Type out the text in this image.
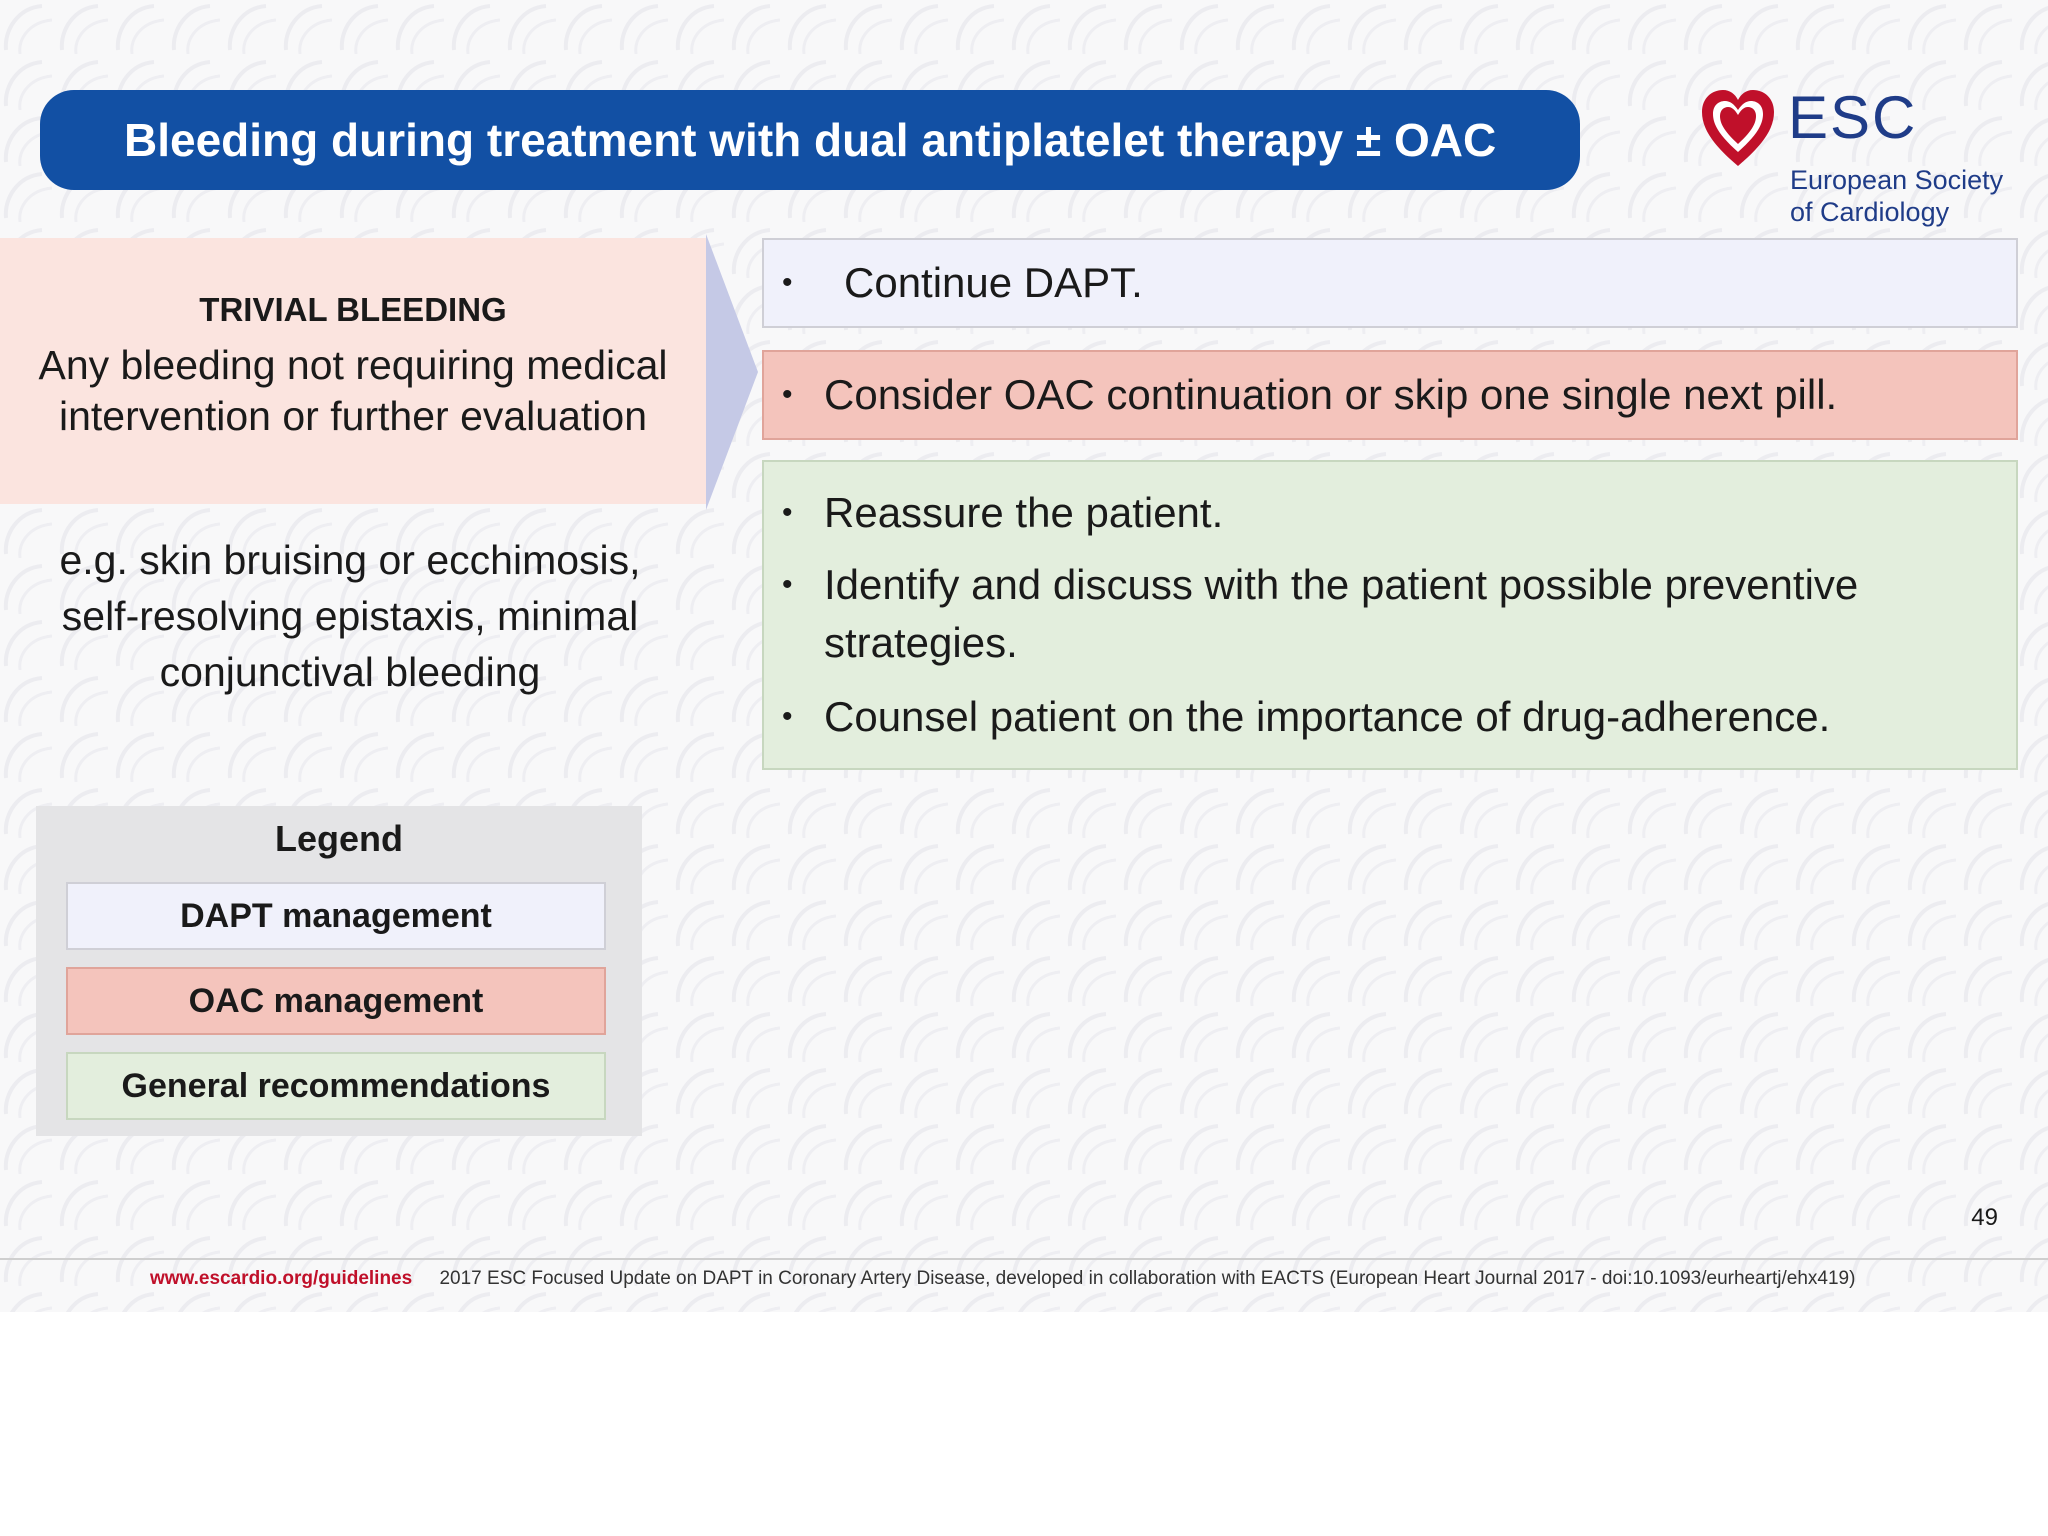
Bleeding during treatment with dual antiplatelet therapy ± OAC	ESC
European Society
of Cardiology
TRIVIAL BLEEDING
Any bleeding not requiring medical
intervention or further evaluation
e.g. skin bruising or ecchimosis,
self-resolving epistaxis, minimal
conjunctival bleeding
•	Continue DAPT.
• Consider OAC continuation or skip one single next pill.
• Reassure the patient.
• Identify and discuss with the patient possible preventive
strategies.
• Counsel patient on the importance of drug-adherence.
Legend
DAPT management
OAC management
General recommendations
49
www.escardio.org/guidelines 2017 ESC Focused Update on DAPT in Coronary Artery Disease, developed in collaboration with EACTS (European Heart Journal 2017 - doi:10.1093/eurheartj/ehx419)
